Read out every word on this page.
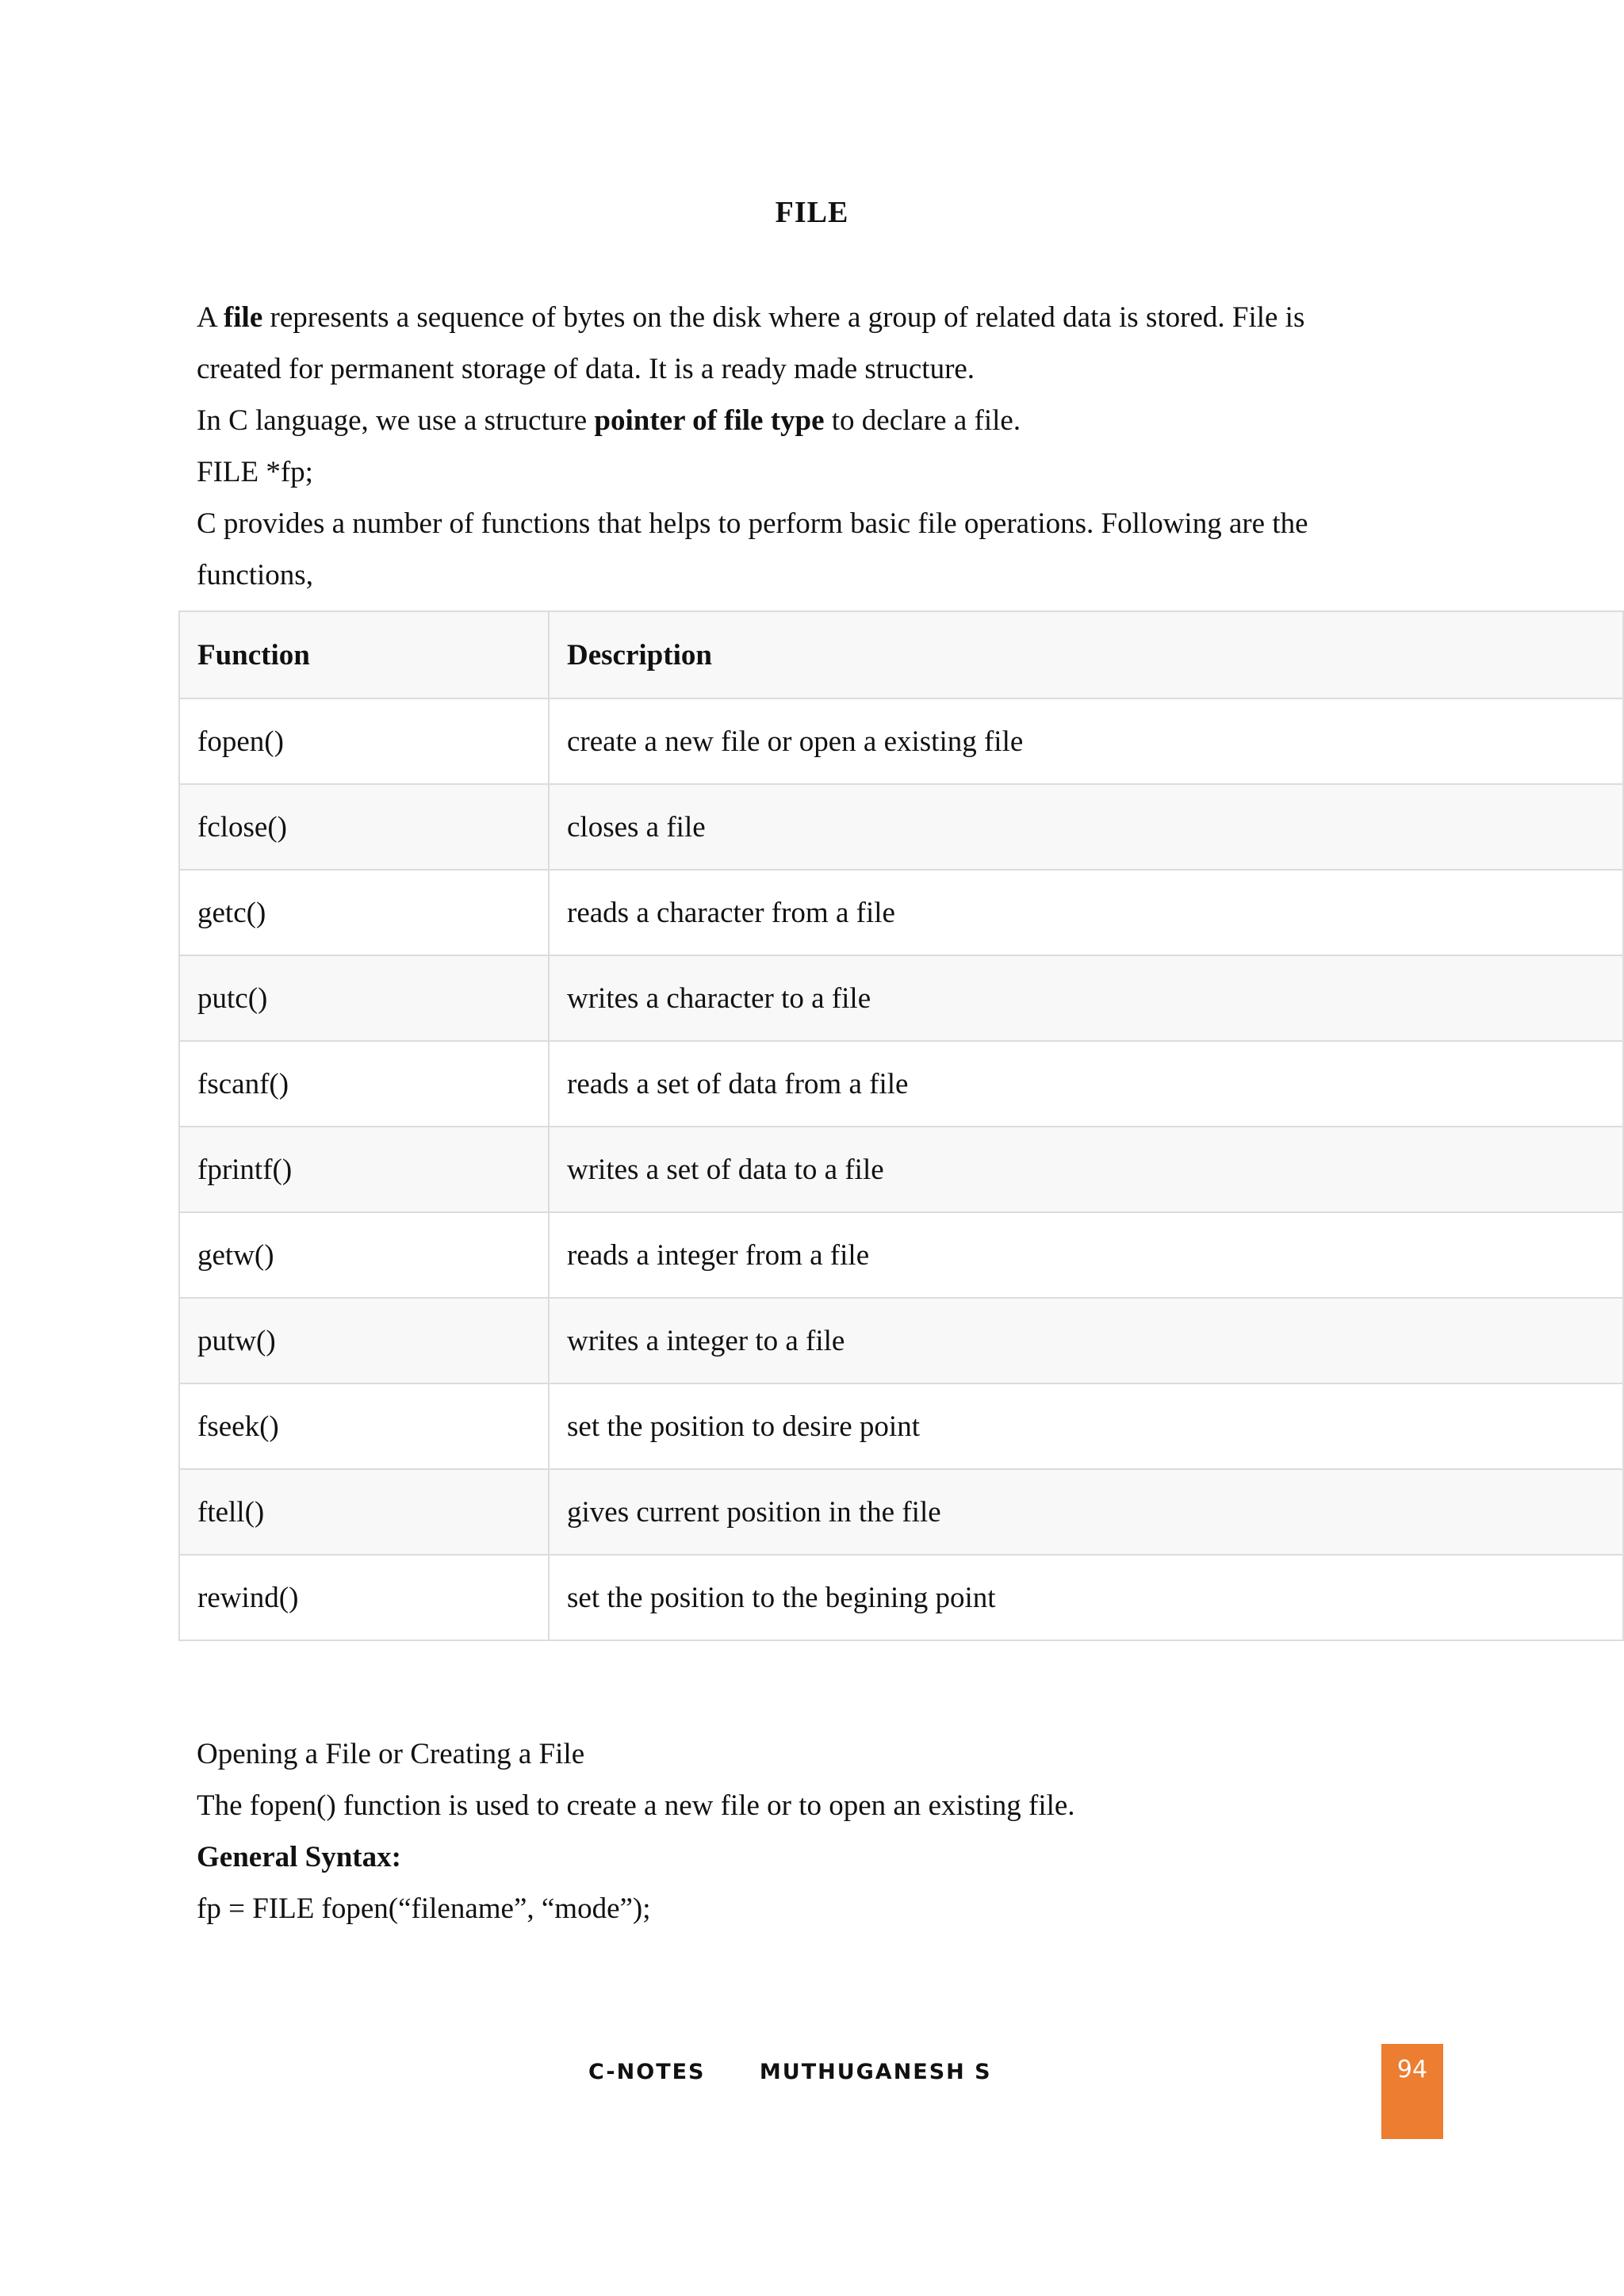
FILE

A file represents a sequence of bytes on the disk where a group of related data is stored. File is created for permanent storage of data. It is a ready made structure.

In C language, we use a structure pointer of file type to declare a file.

FILE *fp;

C provides a number of functions that helps to perform basic file operations. Following are the functions,

Function	Description
fopen()	create a new file or open a existing file
fclose()	closes a file
getc()	reads a character from a file
putc()	writes a character to a file
fscanf()	reads a set of data from a file
fprintf()	writes a set of data to a file
getw()	reads a integer from a file
putw()	writes a integer to a file
fseek()	set the position to desire point
ftell()	gives current position in the file
rewind()	set the position to the begining point

Opening a File or Creating a File

The fopen() function is used to create a new file or to open an existing file.

General Syntax:

fp = FILE fopen(“filename”, “mode”);

C-NOTES	MUTHUGANESH S	94
